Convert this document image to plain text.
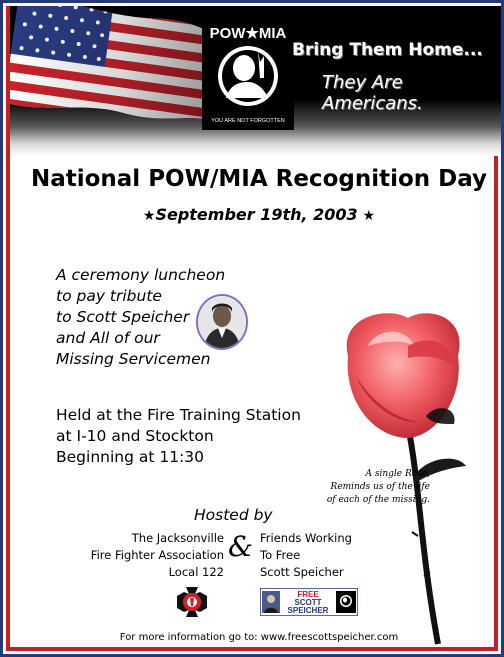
POW★MIA
YOU ARE NOT FORGOTTEN
Bring Them Home...
They Are Americans.
National POW/MIA Recognition Day
★September 19th, 2003 ★
A ceremony luncheon
to pay tribute
to Scott Speicher
and All of our
Missing Servicemen
Held at the Fire Training Station
at I-10 and Stockton
Beginning at 11:30
A single Rose,
Reminds us of the life
of each of the missing.
Hosted by
The Jacksonville
Fire Fighter Association
Local 122
& Friends Working
To Free
Scott Speicher
FREE
SCOTT
SPEICHER
For more information go to: www.freescottspeicher.com
